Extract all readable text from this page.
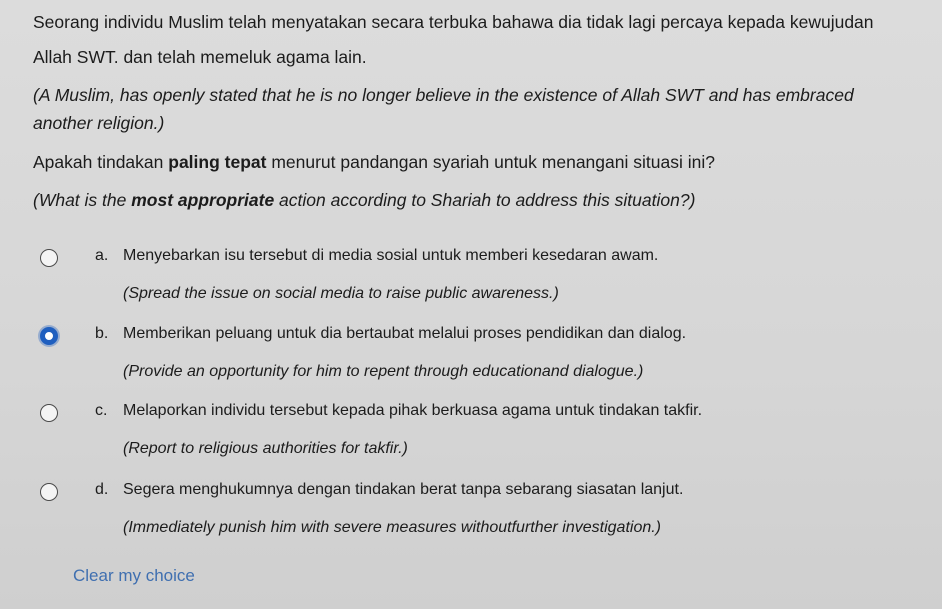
Seorang individu Muslim telah menyatakan secara terbuka bahawa dia tidak lagi percaya kepada kewujudan
Allah SWT. dan telah memeluk agama lain.
(A Muslim, has openly stated that he is no longer believe in the existence of Allah SWT and has embraced
another religion.)
Apakah tindakan paling tepat menurut pandangan syariah untuk menangani situasi ini?
(What is the most appropriate action according to Shariah to address this situation?)
a. Menyebarkan isu tersebut di media sosial untuk memberi kesedaran awam.
(Spread the issue on social media to raise public awareness.)
b. Memberikan peluang untuk dia bertaubat melalui proses pendidikan dan dialog.
(Provide an opportunity for him to repent through educationand dialogue.)
c. Melaporkan individu tersebut kepada pihak berkuasa agama untuk tindakan takfir.
(Report to religious authorities for takfir.)
d. Segera menghukumnya dengan tindakan berat tanpa sebarang siasatan lanjut.
(Immediately punish him with severe measures withoutfurther investigation.)
Clear my choice
